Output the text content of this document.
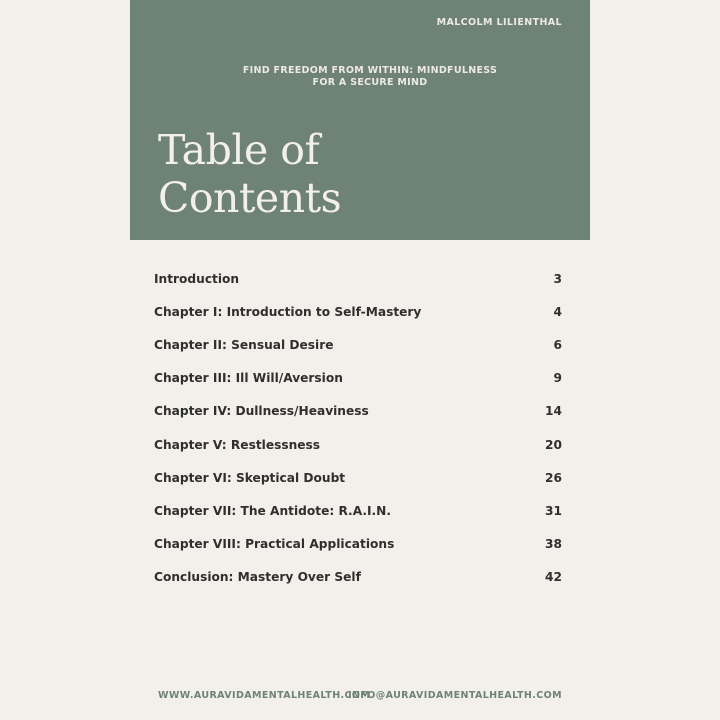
MALCOLM LILIENTHAL
FIND FREEDOM FROM WITHIN: MINDFULNESS FOR A SECURE MIND
Table of
Contents
Introduction	3
Chapter I: Introduction to Self-Mastery	4
Chapter II: Sensual Desire	6
Chapter III: Ill Will/Aversion	9
Chapter IV: Dullness/Heaviness	14
Chapter V: Restlessness	20
Chapter VI: Skeptical Doubt	26
Chapter VII: The Antidote: R.A.I.N.	31
Chapter VIII: Practical Applications	38
Conclusion: Mastery Over Self	42
WWW.AURAVIDAMENTALHEALTH.COM
INFO@AURAVIDAMENTALHEALTH.COM
